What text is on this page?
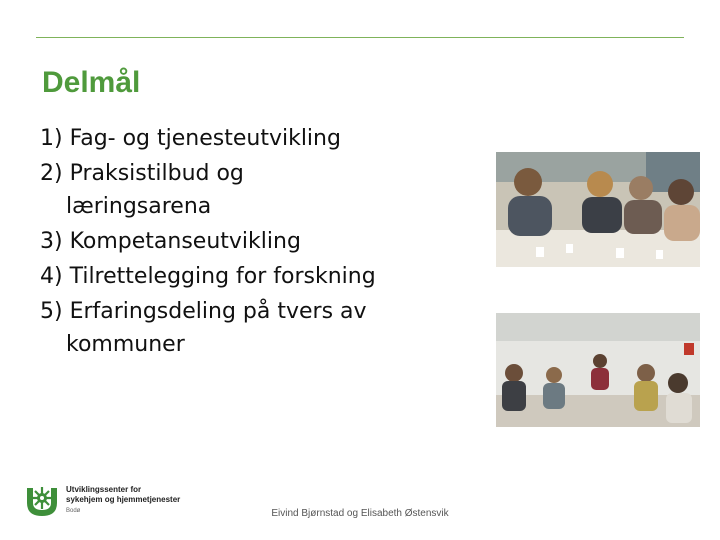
Delmål
1) Fag- og tjenesteutvikling
2) Praksistilbud og
læringsarena
3) Kompetanseutvikling
4) Tilrettelegging for forskning
5) Erfaringsdeling på tvers av
kommuner
Utviklingssenter for
sykehjem og hjemmetjenester
Bodø	Eivind Bjørnstad og Elisabeth Østensvik
